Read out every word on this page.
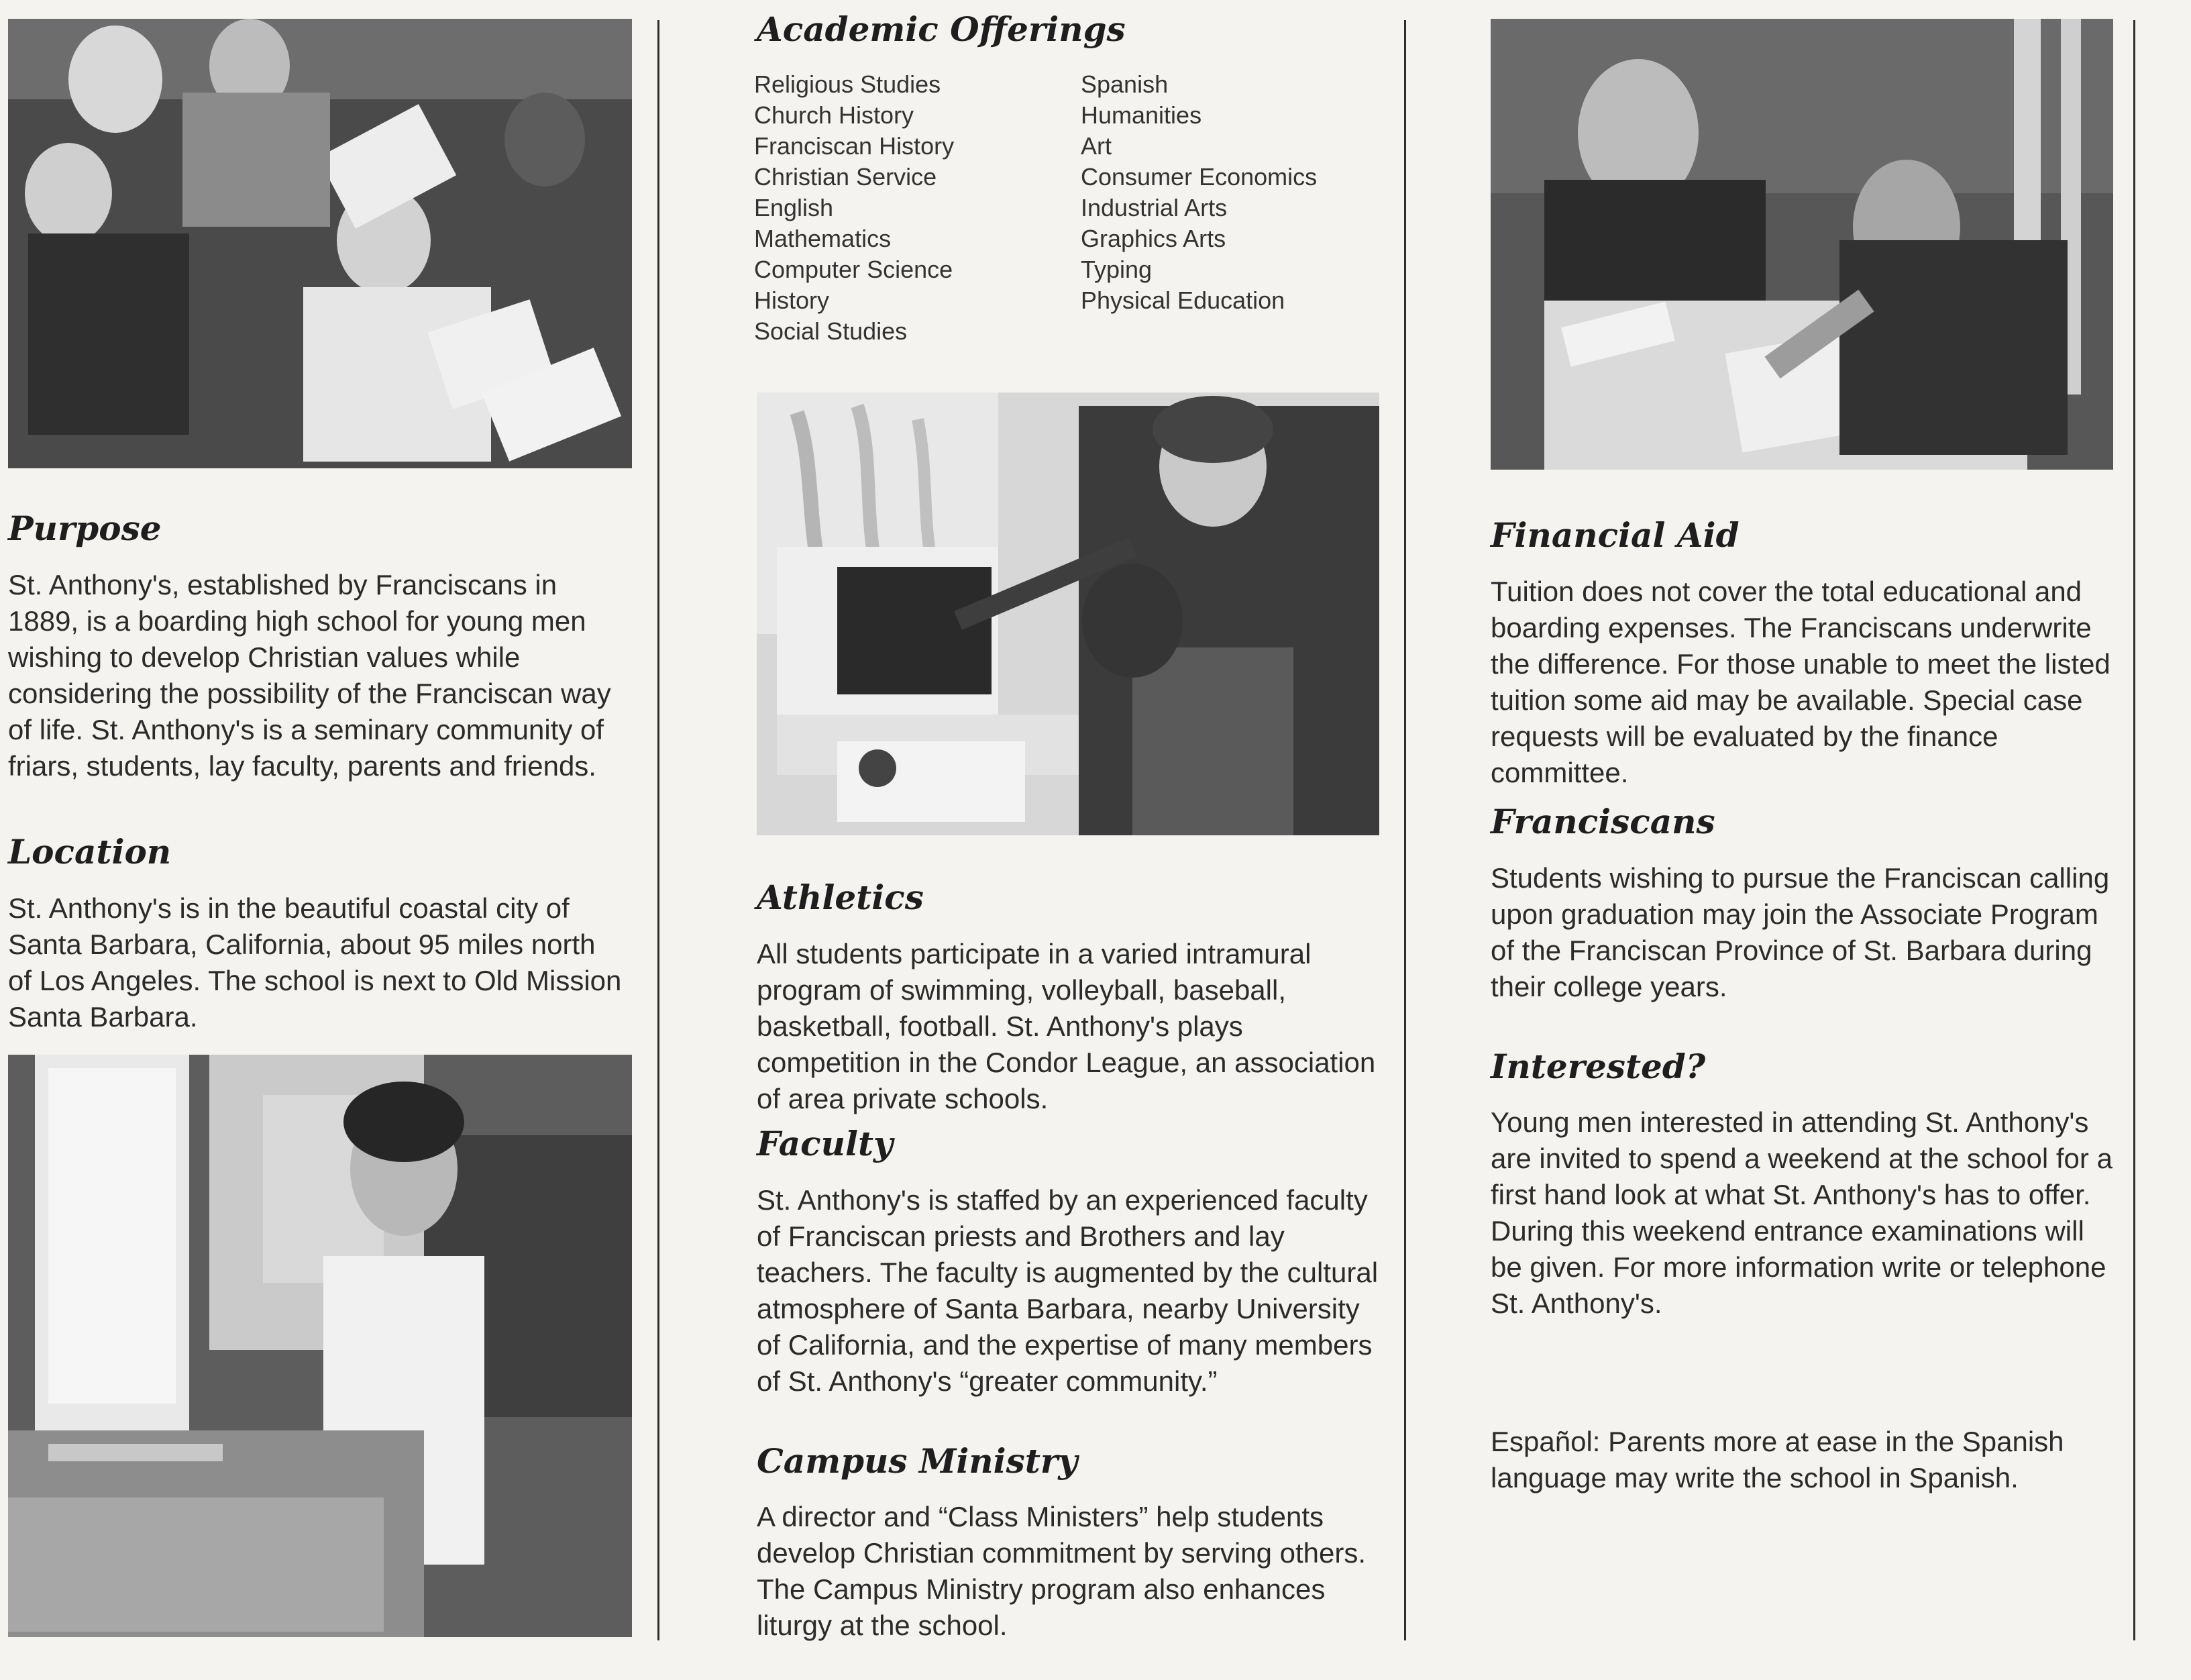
Purpose

St. Anthony's, established by Franciscans in 1889, is a boarding high school for young men wishing to develop Christian values while considering the possibility of the Franciscan way of life. St. Anthony's is a seminary community of friars, students, lay faculty, parents and friends.

Location

St. Anthony's is in the beautiful coastal city of Santa Barbara, California, about 95 miles north of Los Angeles. The school is next to Old Mission Santa Barbara.

Academic Offerings
Religious Studies
Church History
Franciscan History
Christian Service
English
Mathematics
Computer Science
History
Social Studies
Spanish
Humanities
Art
Consumer Economics
Industrial Arts
Graphics Arts
Typing
Physical Education
Athletics

All students participate in a varied intramural program of swimming, volleyball, baseball, basketball, football. St. Anthony's plays competition in the Condor League, an association of area private schools.

Faculty

St. Anthony's is staffed by an experienced faculty of Franciscan priests and Brothers and lay teachers. The faculty is augmented by the cultural atmosphere of Santa Barbara, nearby University of California, and the expertise of many members of St. Anthony's “greater community.”

Campus Ministry

A director and “Class Ministers” help students develop Christian commitment by serving others. The Campus Ministry program also enhances liturgy at the school.

Financial Aid

Tuition does not cover the total educational and boarding expenses. The Franciscans underwrite the difference. For those unable to meet the listed tuition some aid may be available. Special case requests will be evaluated by the finance committee.

Franciscans

Students wishing to pursue the Franciscan calling upon graduation may join the Associate Program of the Franciscan Province of St. Barbara during their college years.

Interested?

Young men interested in attending St. Anthony's are invited to spend a weekend at the school for a first hand look at what St. Anthony's has to offer. During this weekend entrance examinations will be given. For more information write or telephone St. Anthony's.

Español: Parents more at ease in the Spanish language may write the school in Spanish.
